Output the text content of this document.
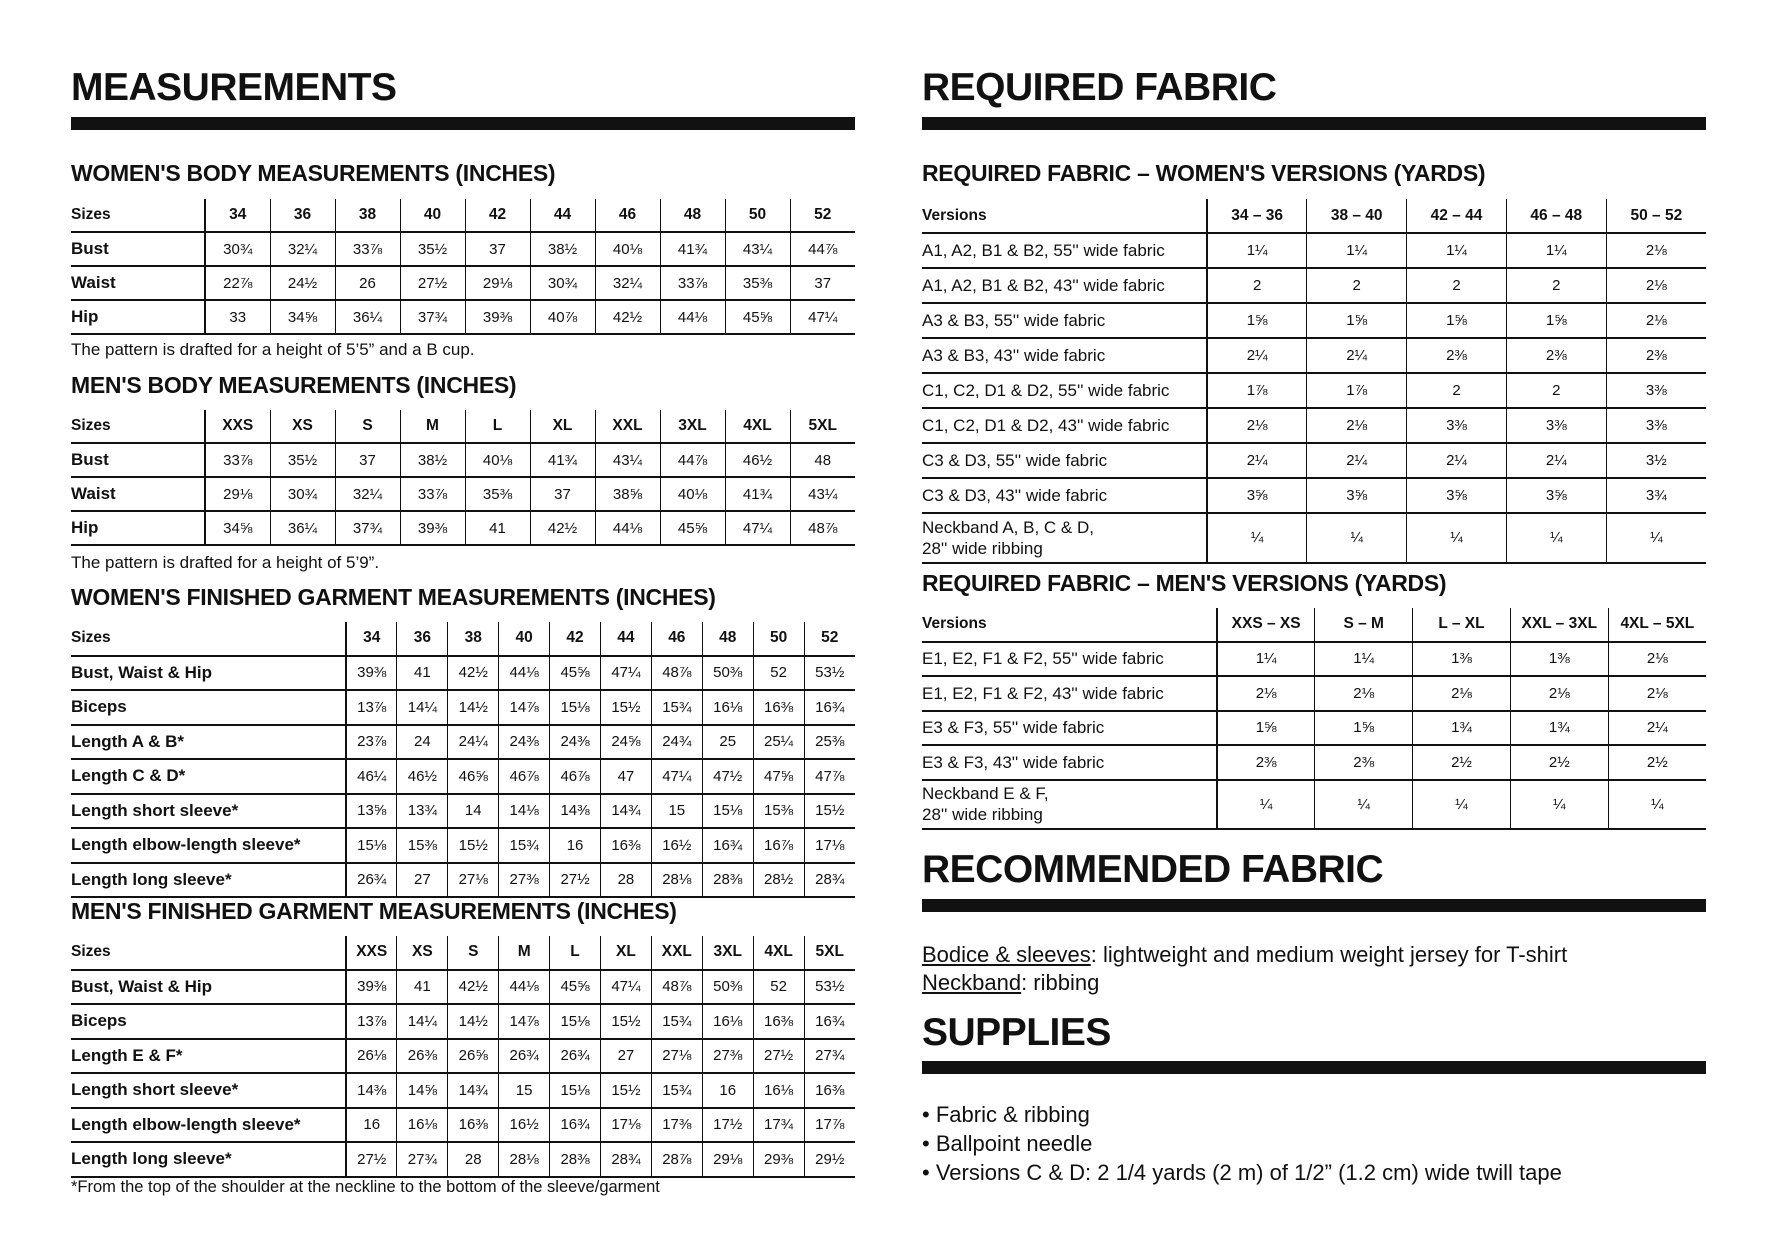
MEASUREMENTS
WOMEN'S BODY MEASUREMENTS (INCHES)
Sizes	34	36	38	40	42	44	46	48	50	52
Bust	30¾	32¼	33⅞	35½	37	38½	40⅛	41¾	43¼	44⅞
Waist	22⅞	24½	26	27½	29⅛	30¾	32¼	33⅞	35⅜	37
Hip	33	34⅝	36¼	37¾	39⅜	40⅞	42½	44⅛	45⅝	47¼
The pattern is drafted for a height of 5’5” and a B cup.
MEN'S BODY MEASUREMENTS (INCHES)
Sizes	XXS	XS	S	M	L	XL	XXL	3XL	4XL	5XL
Bust	33⅞	35½	37	38½	40⅛	41¾	43¼	44⅞	46½	48
Waist	29⅛	30¾	32¼	33⅞	35⅜	37	38⅝	40⅛	41¾	43¼
Hip	34⅝	36¼	37¾	39⅜	41	42½	44⅛	45⅝	47¼	48⅞
The pattern is drafted for a height of 5’9”.
WOMEN'S FINISHED GARMENT MEASUREMENTS (INCHES)
Sizes	34	36	38	40	42	44	46	48	50	52
Bust, Waist & Hip	39⅜	41	42½	44⅛	45⅝	47¼	48⅞	50⅜	52	53½
Biceps	13⅞	14¼	14½	14⅞	15⅛	15½	15¾	16⅛	16⅜	16¾
Length A & B*	23⅞	24	24¼	24⅜	24⅜	24⅝	24¾	25	25¼	25⅜
Length C & D*	46¼	46½	46⅝	46⅞	46⅞	47	47¼	47½	47⅝	47⅞
Length short sleeve*	13⅝	13¾	14	14⅛	14⅜	14¾	15	15⅛	15⅜	15½
Length elbow-length sleeve*	15⅛	15⅜	15½	15¾	16	16⅜	16½	16¾	16⅞	17⅛
Length long sleeve*	26¾	27	27⅛	27⅜	27½	28	28⅛	28⅜	28½	28¾
MEN'S FINISHED GARMENT MEASUREMENTS (INCHES)
Sizes	XXS	XS	S	M	L	XL	XXL	3XL	4XL	5XL
Bust, Waist & Hip	39⅜	41	42½	44⅛	45⅝	47¼	48⅞	50⅜	52	53½
Biceps	13⅞	14¼	14½	14⅞	15⅛	15½	15¾	16⅛	16⅜	16¾
Length E & F*	26⅛	26⅜	26⅝	26¾	26¾	27	27⅛	27⅜	27½	27¾
Length short sleeve*	14⅜	14⅝	14¾	15	15⅛	15½	15¾	16	16⅛	16⅜
Length elbow-length sleeve*	16	16⅛	16⅜	16½	16¾	17⅛	17⅜	17½	17¾	17⅞
Length long sleeve*	27½	27¾	28	28⅛	28⅜	28¾	28⅞	29⅛	29⅜	29½
*From the top of the shoulder at the neckline to the bottom of the sleeve/garment
REQUIRED FABRIC
REQUIRED FABRIC – WOMEN'S VERSIONS (YARDS)
Versions	34 – 36	38 – 40	42 – 44	46 – 48	50 – 52
A1, A2, B1 & B2, 55'' wide fabric	1¼	1¼	1¼	1¼	2⅛
A1, A2, B1 & B2, 43'' wide fabric	2	2	2	2	2⅛
A3 & B3, 55'' wide fabric	1⅝	1⅝	1⅝	1⅝	2⅛
A3 & B3, 43'' wide fabric	2¼	2¼	2⅜	2⅜	2⅜
C1, C2, D1 & D2, 55'' wide fabric	1⅞	1⅞	2	2	3⅜
C1, C2, D1 & D2, 43'' wide fabric	2⅛	2⅛	3⅜	3⅜	3⅜
C3 & D3, 55'' wide fabric	2¼	2¼	2¼	2¼	3½
C3 & D3, 43'' wide fabric	3⅝	3⅝	3⅝	3⅝	3¾
Neckband A, B, C & D,
28'' wide ribbing	¼	¼	¼	¼	¼
REQUIRED FABRIC – MEN'S VERSIONS (YARDS)
Versions	XXS – XS	S – M	L – XL	XXL – 3XL	4XL – 5XL
E1, E2, F1 & F2, 55'' wide fabric	1¼	1¼	1⅜	1⅜	2⅛
E1, E2, F1 & F2, 43'' wide fabric	2⅛	2⅛	2⅛	2⅛	2⅛
E3 & F3, 55'' wide fabric	1⅝	1⅝	1¾	1¾	2¼
E3 & F3, 43'' wide fabric	2⅜	2⅜	2½	2½	2½
Neckband E & F,
28'' wide ribbing	¼	¼	¼	¼	¼
RECOMMENDED FABRIC
Bodice & sleeves: lightweight and medium weight jersey for T-shirt
Neckband: ribbing
SUPPLIES
• Fabric & ribbing
• Ballpoint needle
• Versions C & D: 2 1/4 yards (2 m) of 1/2” (1.2 cm) wide twill tape
